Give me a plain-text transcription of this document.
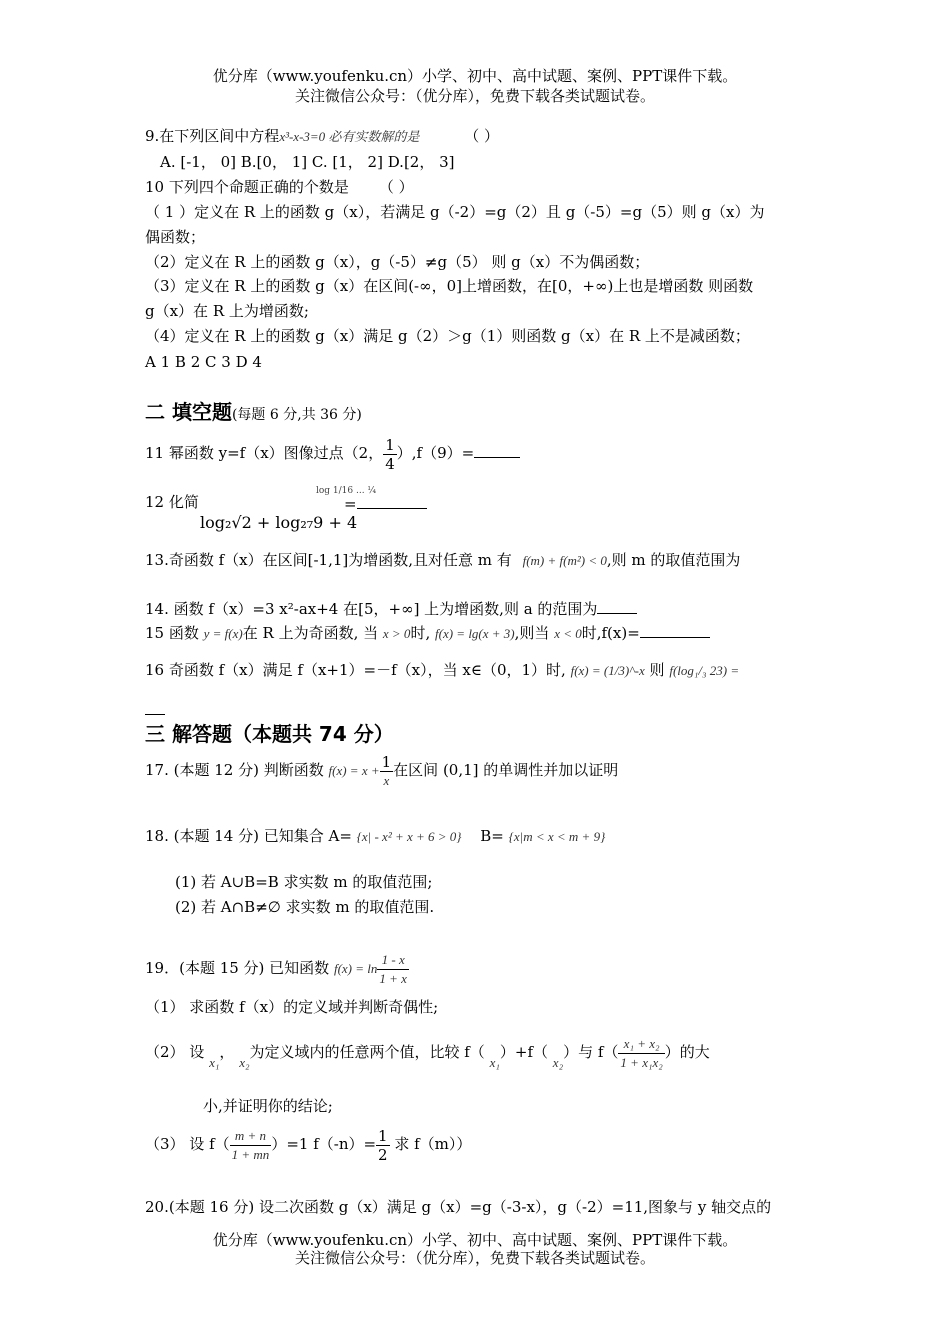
优分库（www.youfenku.cn）小学、初中、高中试题、案例、PPT课件下载。
关注微信公众号：（优分库），免费下载各类试题试卷。
9.在下列区间中方程x³-x-3=0 必有实数解的是	（ ）
A. [-1， 0] B.[0， 1] C. [1， 2] D.[2， 3]
10 下列四个命题正确的个数是 （ ）
（ 1 ）定义在 R 上的函数 g（x），若满足 g（-2）=g（2）且 g（-5）=g（5）则 g（x）为
偶函数；
（2）定义在 R 上的函数 g（x），g（-5）≠g（5） 则 g（x）不为偶函数；
（3）定义在 R 上的函数 g（x）在区间(-∞，0]上增函数，在[0，+∞)上也是增函数 则函数
g（x）在 R 上为增函数;
（4）定义在 R 上的函数 g（x）满足 g（2）＞g（1）则函数 g（x）在 R 上不是减函数；
A 1 B 2 C 3 D 4
二 填空题(每题 6 分,共 36 分)
11 幂函数 y=f（x）图像过点（2， $\frac{1}{4} ),f(9)=$
12 化简
log₂√2 + log₂₇9 + 4
log 1/16 ... ¼
=
13.奇函数 f（x）在区间[-1,1]为增函数,且对任意 m 有 f(m) + f(m²) < 0,则 m 的取值范围为
14. 函数 f（x）=3 x²-ax+4 在[5，+∞] 上为增函数,则 a 的范围为
15 函数 y = f(x)在 R 上为奇函数, 当 x > 0时, f(x) = lg(x + 3),则当 x < 0时,f(x)=
16 奇函数 f（x）满足 f（x+1）=－f（x），当 x∈（0，1）时, f(x) = (1/3)^-x 则 f(log₁/₃ 23) =
三 解答题（本题共 74 分）
17. (本题 12 分) 判断函数 $f(x) = x + \frac{1}{x}$ 在区间 (0,1] 的单调性并加以证明
18. (本题 14 分) 已知集合 A= {x| - x² + x + 6 > 0} B= {x|m < x < m + 9}
(1) 若 A∪B=B 求实数 m 的取值范围;
(2) 若 A∩B≠∅ 求实数 m 的取值范围.
19．(本题 15 分) 已知函数 $f(x) = \ln \frac{1 - x}{1 + x}$
（1） 求函数 f（x）的定义域并判断奇偶性;
（2） 设 x₁， x₂为定义域内的任意两个值，比较 f（ x₁）+f（ x₂）与 $f( \frac{\text{x₁ + x₂}}{\text{1 + x₁x₂}}$ ）的大
小,并证明你的结论;
（3） 设 $f( \frac{m + n}{1 + mn} )=1$ $f(-n)= \frac{1}{2}$ 求 f（m））
20.(本题 16 分) 设二次函数 g（x）满足 g（x）=g（-3-x），g（-2）=11,图象与 y 轴交点的
优分库（www.youfenku.cn）小学、初中、高中试题、案例、PPT课件下载。
关注微信公众号：（优分库），免费下载各类试题试卷。
